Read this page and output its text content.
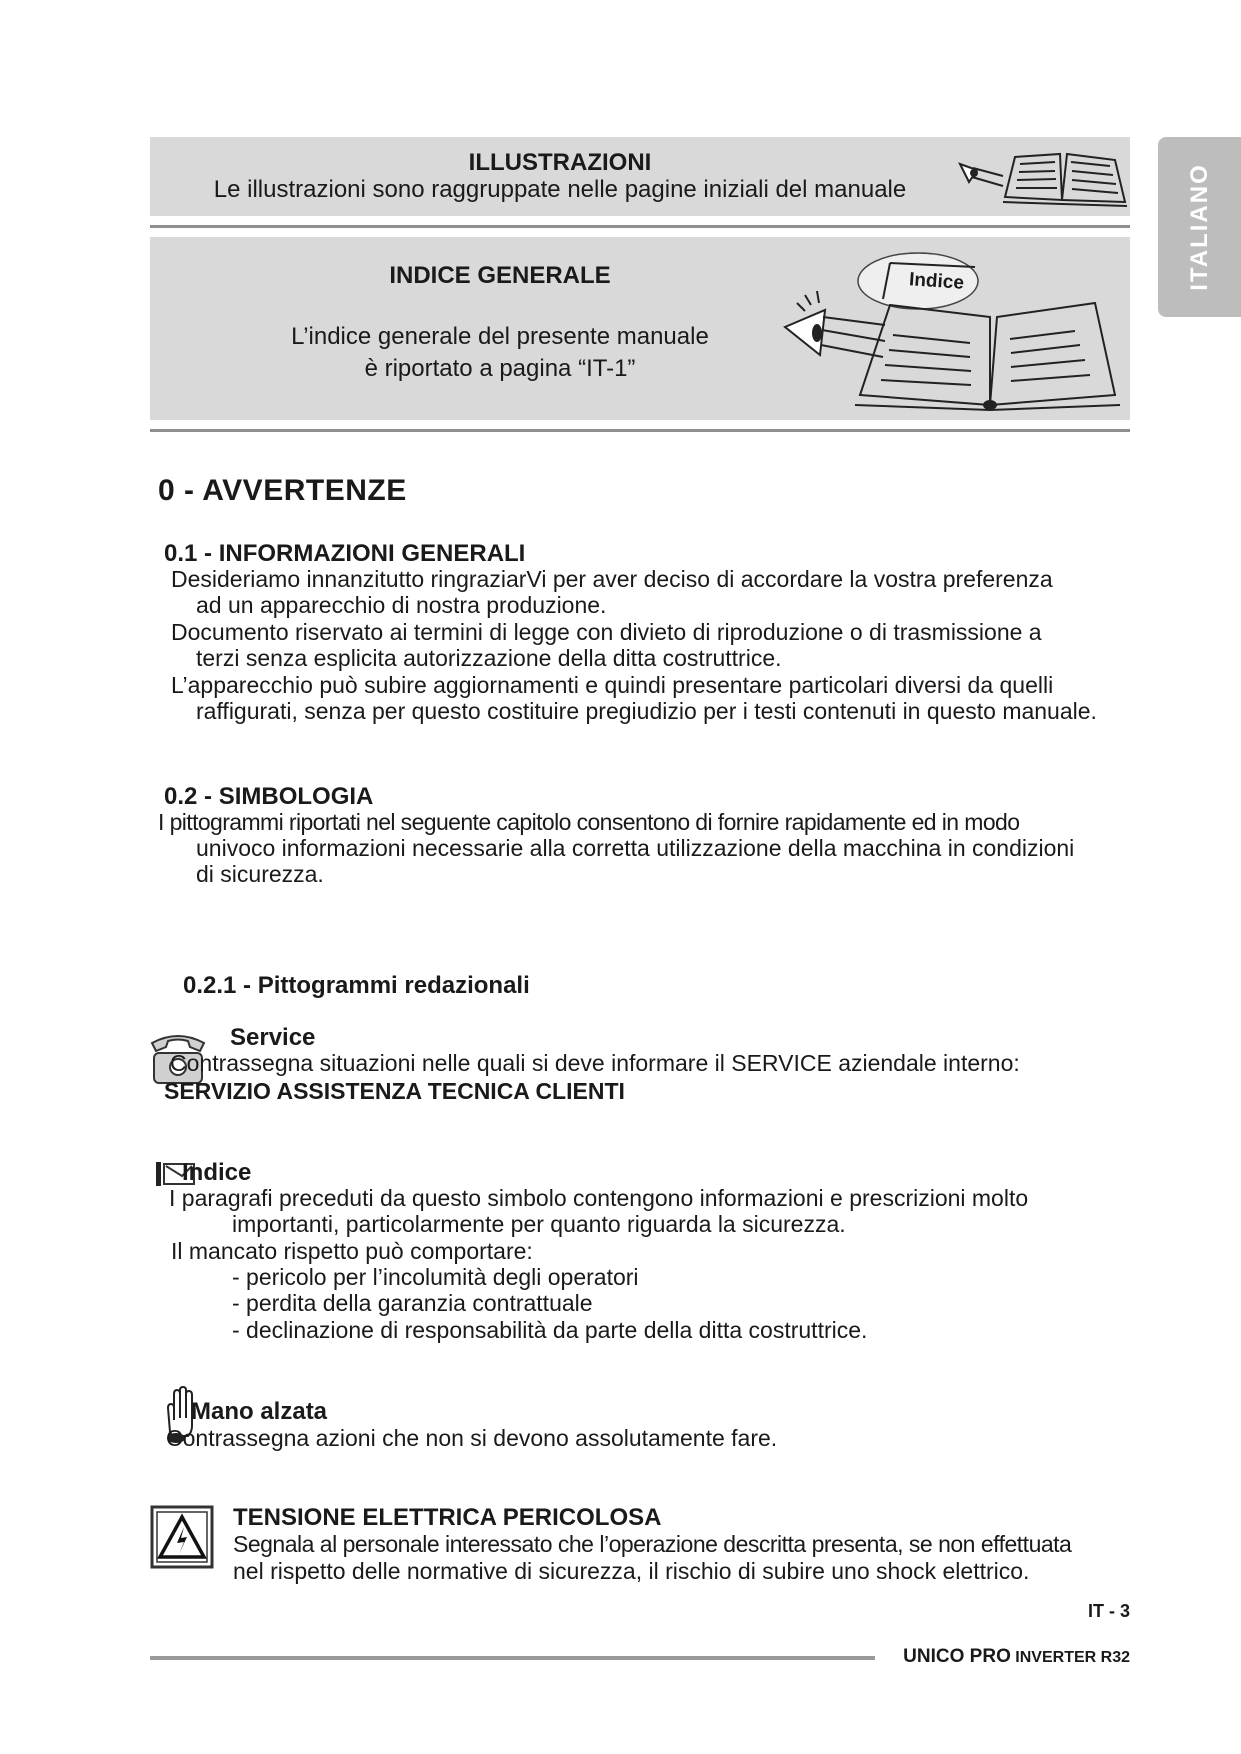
ITALIANO
ILLUSTRAZIONI
Le illustrazioni sono raggruppate nelle pagine iniziali del manuale
INDICE GENERALE
L’indice generale del presente manuale
è riportato a pagina “IT-1”
Indice
0 - AVVERTENZE
0.1 - INFORMAZIONI GENERALI
Desideriamo innanzitutto ringraziarVi per aver deciso di accordare la vostra preferenza
ad un apparecchio di nostra produzione.
Documento riservato ai termini di legge con divieto di riproduzione o di trasmissione a
terzi senza esplicita autorizzazione della ditta costruttrice.
L’apparecchio può subire aggiornamenti e quindi presentare particolari diversi da quelli
raffigurati, senza per questo costituire pregiudizio per i testi contenuti in questo manuale.
0.2 - SIMBOLOGIA
I pittogrammi riportati nel seguente capitolo consentono di fornire rapidamente ed in modo
univoco informazioni necessarie alla corretta utilizzazione della macchina in condizioni
di sicurezza.
0.2.1 - Pittogrammi redazionali
Service
Contrassegna situazioni nelle quali si deve informare il SERVICE aziendale interno:
SERVIZIO ASSISTENZA TECNICA CLIENTI
Indice
I paragrafi preceduti da questo simbolo contengono informazioni e prescrizioni molto
importanti, particolarmente per quanto riguarda la sicurezza.
Il mancato rispetto può comportare:
- pericolo per l’incolumità degli operatori
- perdita della garanzia contrattuale
- declinazione di responsabilità da parte della ditta costruttrice.
Mano alzata
Contrassegna azioni che non si devono assolutamente fare.
TENSIONE ELETTRICA PERICOLOSA
Segnala al personale interessato che l’operazione descritta presenta, se non effettuata
nel rispetto delle normative di sicurezza, il rischio di subire uno shock elettrico.
IT - 3
UNICO PRO INVERTER R32
